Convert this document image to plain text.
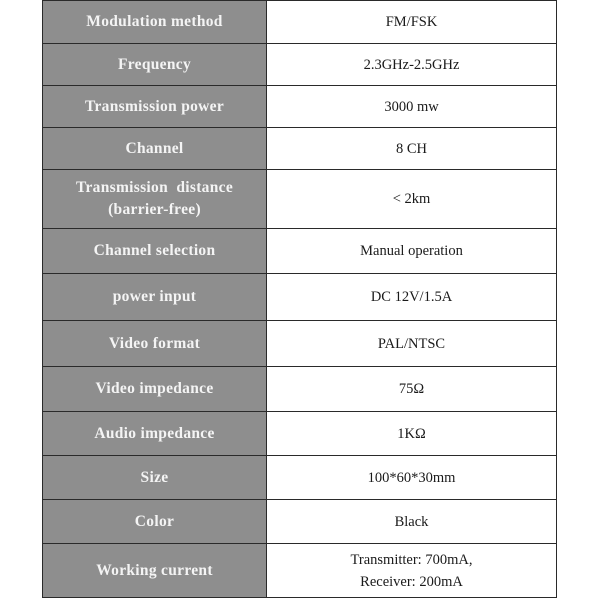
Modulation method	FM/FSK
Frequency	2.3GHz-2.5GHz
Transmission power	3000 mw
Channel	8 CH

Transmission  distance
(barrier-free)	< 2km
Channel selection	Manual operation
power input	DC 12V/1.5A
Video format	PAL/NTSC
Video impedance	75Ω
Audio impedance	1KΩ
Size	100*60*30mm
Color	Black
Working current	Transmitter: 700mA,
Receiver: 200mA
